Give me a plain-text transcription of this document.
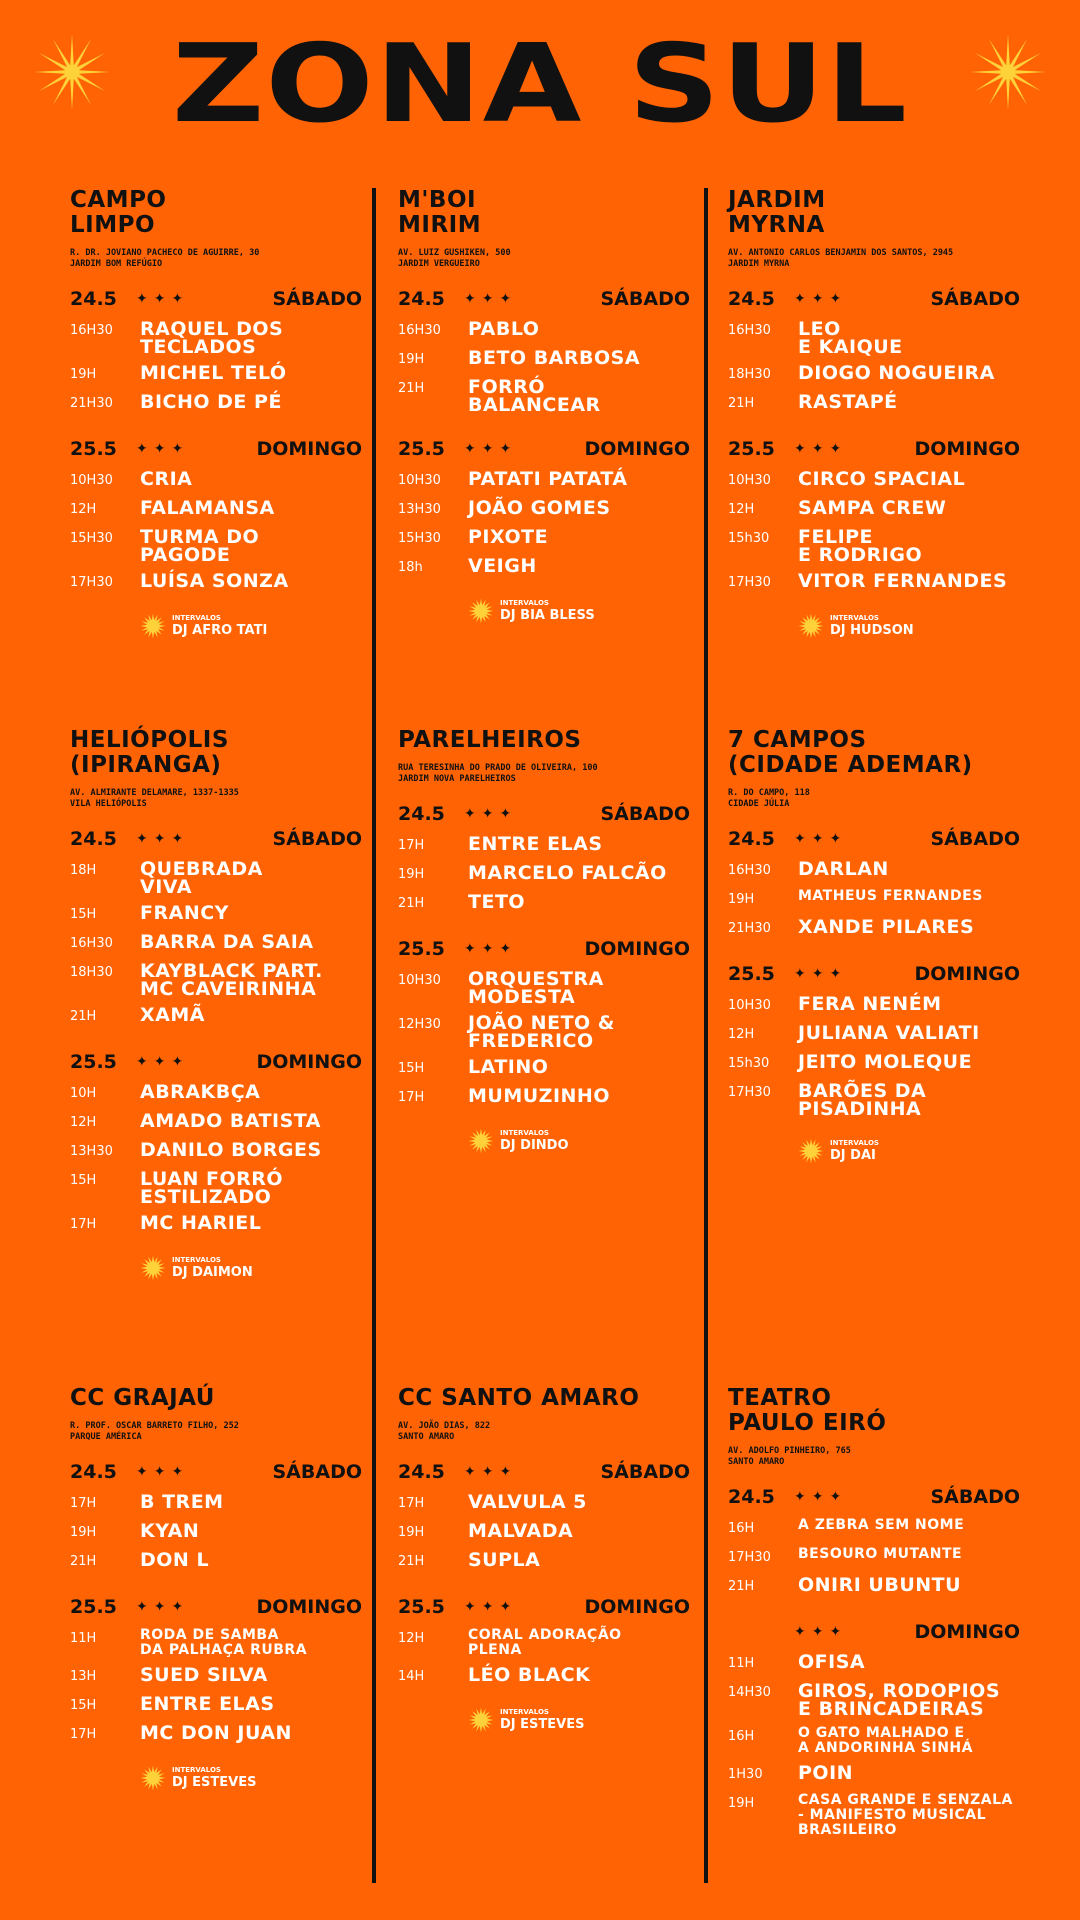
ZONA SUL
CAMPO
LIMPO
R. DR. JOVIANO PACHECO DE AGUIRRE, 30
JARDIM BOM REFÚGIO
24.5	✦✦✦	SÁBADO
16H30	RAQUEL DOS
TECLADOS
19H	MICHEL TELÓ
21H30	BICHO DE PÉ
25.5	✦✦✦	DOMINGO
10H30	CRIA
12H	FALAMANSA
15H30	TURMA DO
PAGODE
17H30	LUÍSA SONZA
INTERVALOS
DJ AFRO TATI
M'BOI
MIRIM
AV. LUIZ GUSHIKEN, 500
JARDIM VERGUEIRO
24.5	✦✦✦	SÁBADO
16H30	PABLO
19H	BETO BARBOSA
21H	FORRÓ
BALANCEAR
25.5	✦✦✦	DOMINGO
10H30	PATATI PATATÁ
13H30	JOÃO GOMES
15H30	PIXOTE
18h	VEIGH
INTERVALOS
DJ BIA BLESS
JARDIM
MYRNA
AV. ANTONIO CARLOS BENJAMIN DOS SANTOS, 2945
JARDIM MYRNA
24.5	✦✦✦	SÁBADO
16H30	LEO
E KAIQUE
18H30	DIOGO NOGUEIRA
21H	RASTAPÉ
25.5	✦✦✦	DOMINGO
10H30	CIRCO SPACIAL
12H	SAMPA CREW
15h30	FELIPE
E RODRIGO
17H30	VITOR FERNANDES
INTERVALOS
DJ HUDSON
HELIÓPOLIS
(IPIRANGA)
AV. ALMIRANTE DELAMARE, 1337-1335
VILA HELIÓPOLIS
24.5	✦✦✦	SÁBADO
18H	QUEBRADA
VIVA
15H	FRANCY
16H30	BARRA DA SAIA
18H30	KAYBLACK PART.
MC CAVEIRINHA
21H	XAMÃ
25.5	✦✦✦	DOMINGO
10H	ABRAKBÇA
12H	AMADO BATISTA
13H30	DANILO BORGES
15H	LUAN FORRÓ
ESTILIZADO
17H	MC HARIEL
INTERVALOS
DJ DAIMON
PARELHEIROS
RUA TERESINHA DO PRADO DE OLIVEIRA, 100
JARDIM NOVA PARELHEIROS
24.5	✦✦✦	SÁBADO
17H	ENTRE ELAS
19H	MARCELO FALCÃO
21H	TETO
25.5	✦✦✦	DOMINGO
10H30	ORQUESTRA
MODESTA
12H30	JOÃO NETO &
FREDERICO
15H	LATINO
17H	MUMUZINHO
INTERVALOS
DJ DINDO
7 CAMPOS
(CIDADE ADEMAR)
R. DO CAMPO, 118
CIDADE JÚLIA
24.5	✦✦✦	SÁBADO
16H30	DARLAN
19H	MATHEUS FERNANDES
21H30	XANDE PILARES
25.5	✦✦✦	DOMINGO
10H30	FERA NENÉM
12H	JULIANA VALIATI
15h30	JEITO MOLEQUE
17H30	BARÕES DA
PISADINHA
INTERVALOS
DJ DAI
CC GRAJAÚ
R. PROF. OSCAR BARRETO FILHO, 252
PARQUE AMÉRICA
24.5	✦✦✦	SÁBADO
17H	B TREM
19H	KYAN
21H	DON L
25.5	✦✦✦	DOMINGO
11H	RODA DE SAMBA
DA PALHAÇA RUBRA
13H	SUED SILVA
15H	ENTRE ELAS
17H	MC DON JUAN
INTERVALOS
DJ ESTEVES
CC SANTO AMARO
AV. JOÃO DIAS, 822
SANTO AMARO
24.5	✦✦✦	SÁBADO
17H	VALVULA 5
19H	MALVADA
21H	SUPLA
25.5	✦✦✦	DOMINGO
12H	CORAL ADORAÇÃO
PLENA
14H	LÉO BLACK
INTERVALOS
DJ ESTEVES
TEATRO
PAULO EIRÓ
AV. ADOLFO PINHEIRO, 765
SANTO AMARO
24.5	✦✦✦	SÁBADO
16H	A ZEBRA SEM NOME
17H30	BESOURO MUTANTE
21H	ONIRI UBUNTU
✦✦✦	DOMINGO
11H	OFISA
14H30	GIROS, RODOPIOS
E BRINCADEIRAS
16H	O GATO MALHADO E
A ANDORINHA SINHÁ
1H30	POIN
19H	CASA GRANDE E SENZALA
- MANIFESTO MUSICAL
BRASILEIRO
